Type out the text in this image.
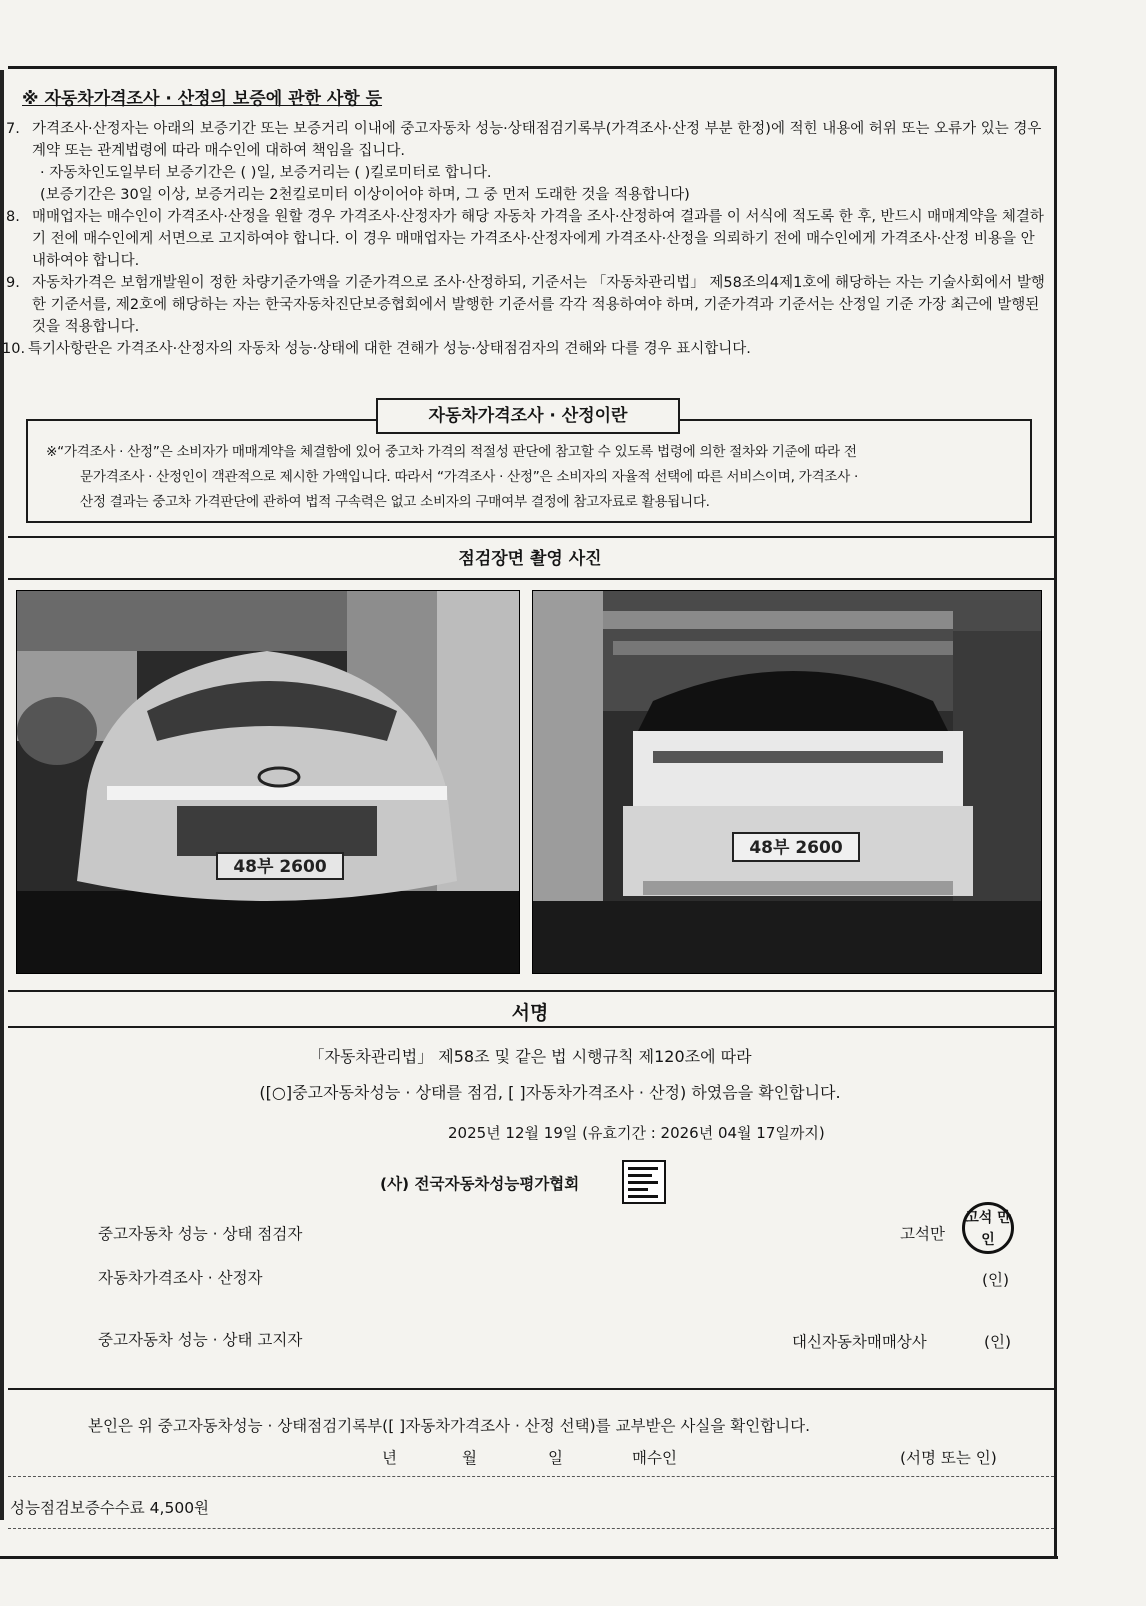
※ 자동차가격조사 · 산정의 보증에 관한 사항 등

7. 가격조사·산정자는 아래의 보증기간 또는 보증거리 이내에 중고자동차 성능·상태점검기록부(가격조사·산정 부분 한정)에 적힌 내용에 허위 또는 오류가 있는 경우 계약 또는 관계법령에 따라 매수인에 대하여 책임을 집니다.

· 자동차인도일부터 보증기간은 ( )일, 보증거리는 ( )킬로미터로 합니다.

(보증기간은 30일 이상, 보증거리는 2천킬로미터 이상이어야 하며, 그 중 먼저 도래한 것을 적용합니다)

8. 매매업자는 매수인이 가격조사·산정을 원할 경우 가격조사·산정자가 해당 자동차 가격을 조사·산정하여 결과를 이 서식에 적도록 한 후, 반드시 매매계약을 체결하기 전에 매수인에게 서면으로 고지하여야 합니다. 이 경우 매매업자는 가격조사·산정자에게 가격조사·산정을 의뢰하기 전에 매수인에게 가격조사·산정 비용을 안내하여야 합니다.

9. 자동차가격은 보험개발원이 정한 차량기준가액을 기준가격으로 조사·산정하되, 기준서는 「자동차관리법」 제58조의4제1호에 해당하는 자는 기술사회에서 발행한 기준서를, 제2호에 해당하는 자는 한국자동차진단보증협회에서 발행한 기준서를 각각 적용하여야 하며, 기준가격과 기준서는 산정일 기준 가장 최근에 발행된 것을 적용합니다.

10. 특기사항란은 가격조사·산정자의 자동차 성능·상태에 대한 견해가 성능·상태점검자의 견해와 다를 경우 표시합니다.

자동차가격조사 · 산정이란

※“가격조사 · 산정”은 소비자가 매매계약을 체결함에 있어 중고차 가격의 적절성 판단에 참고할 수 있도록 법령에 의한 절차와 기준에 따라 전

문가격조사 · 산정인이 객관적으로 제시한 가액입니다. 따라서 “가격조사 · 산정”은 소비자의 자율적 선택에 따른 서비스이며, 가격조사 ·

산정 결과는 중고차 가격판단에 관하여 법적 구속력은 없고 소비자의 구매여부 결정에 참고자료로 활용됩니다.

점검장면 촬영 사진
48부 2600
48부 2600
서명
「자동차관리법」 제58조 및 같은 법 시행규칙 제120조에 따라
([○]중고자동차성능 · 상태를 점검, [ ]자동차가격조사 · 산정) 하였음을 확인합니다.
2025년 12월 19일 (유효기간 : 2026년 04월 17일까지)
(사) 전국자동차성능평가협회
중고자동차 성능 · 상태 점검자	고석만
고석 만인
자동차가격조사 · 산정자	(인)
중고자동차 성능 · 상태 고지자	대신자동차매매상사	(인)
본인은 위 중고자동차성능 · 상태점검기록부([ ]자동차가격조사 · 산정 선택)를 교부받은 사실을 확인합니다.
년	월	일	매수인	(서명 또는 인)
성능점검보증수수료 4,500원
